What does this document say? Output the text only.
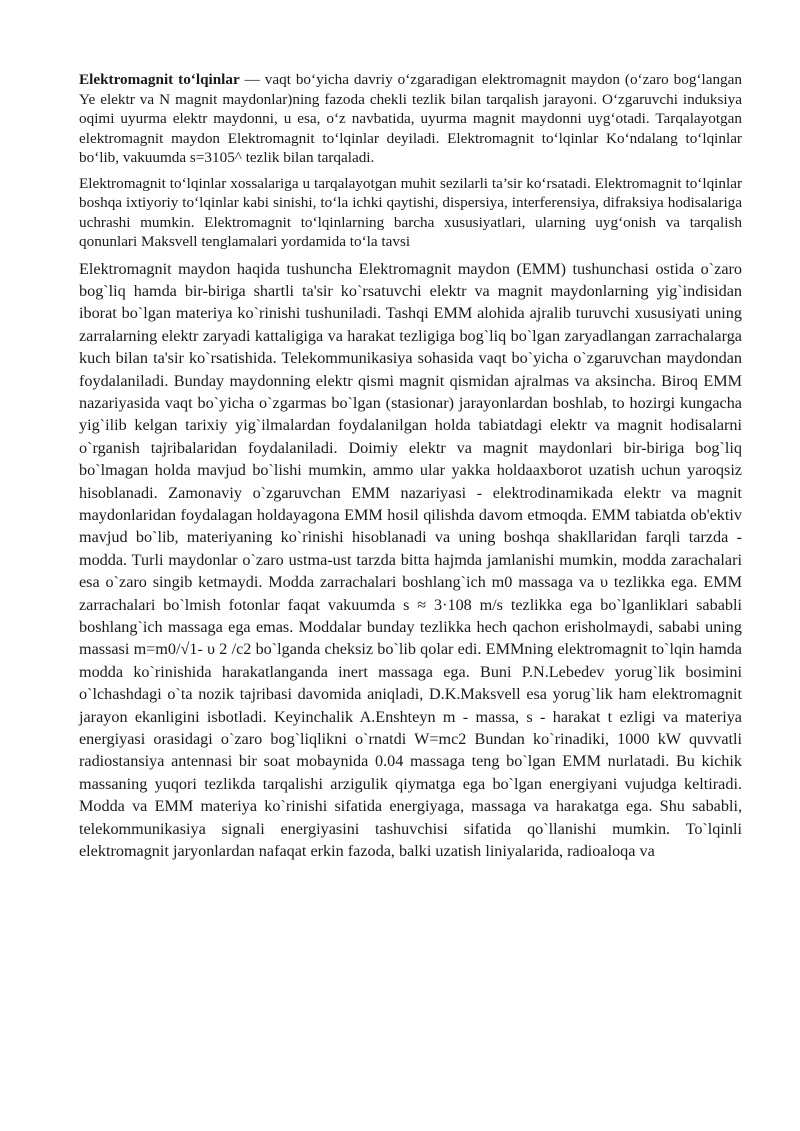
Elektromagnit to‘lqinlar — vaqt bo‘yicha davriy o‘zgaradigan elektromagnit maydon (o‘zaro bog‘langan Ye elektr va N magnit maydonlar)ning fazoda chekli tezlik bilan tarqalish jarayoni. O‘zgaruvchi induksiya oqimi uyurma elektr maydonni, u esa, o‘z navbatida, uyurma magnit maydonni uyg‘otadi. Tarqalayotgan elektromagnit maydon Elektromagnit to‘lqinlar deyiladi. Elektromagnit to‘lqinlar Ko‘ndalang to‘lqinlar bo‘lib, vakuumda s=3105^ tezlik bilan tarqaladi.

Elektromagnit to‘lqinlar xossalariga u tarqalayotgan muhit sezilarli ta’sir ko‘rsatadi. Elektromagnit to‘lqinlar boshqa ixtiyoriy to‘lqinlar kabi sinishi, to‘la ichki qaytishi, dispersiya, interferensiya, difraksiya hodisalariga uchrashi mumkin. Elektromagnit to‘lqinlarning barcha xususiyatlari, ularning uyg‘onish va tarqalish qonunlari Maksvell tenglamalari yordamida to‘la tavsi

Elektromagnit maydon haqida tushuncha Elektromagnit maydon (EMM) tushunchasi ostida o`zaro bog`liq hamda bir-biriga shartli ta'sir ko`rsatuvchi elektr va magnit maydonlarning yig`indisidan iborat bo`lgan materiya ko`rinishi tushuniladi. Tashqi EMM alohida ajralib turuvchi xususiyati uning zarralarning elektr zaryadi kattaligiga va harakat tezligiga bog`liq bo`lgan zaryadlangan zarrachalarga kuch bilan ta'sir ko`rsatishida. Telekommunikasiya sohasida vaqt bo`yicha o`zgaruvchan maydondan foydalaniladi. Bunday maydonning elektr qismi magnit qismidan ajralmas va aksincha. Biroq EMM nazariyasida vaqt bo`yicha o`zgarmas bo`lgan (stasionar) jarayonlardan boshlab, to hozirgi kungacha yig`ilib kelgan tarixiy yig`ilmalardan foydalanilgan holda tabiatdagi elektr va magnit hodisalarni o`rganish tajribalaridan foydalaniladi. Doimiy elektr va magnit maydonlari bir-biriga bog`liq bo`lmagan holda mavjud bo`lishi mumkin, ammo ular yakka holdaaxborot uzatish uchun yaroqsiz hisoblanadi. Zamonaviy o`zgaruvchan EMM nazariyasi - elektrodinamikada elektr va magnit maydonlaridan foydalagan holdayagona EMM hosil qilishda davom etmoqda. EMM tabiatda ob'ektiv mavjud bo`lib, materiyaning ko`rinishi hisoblanadi va uning boshqa shakllaridan farqli tarzda - modda. Turli maydonlar o`zaro ustma-ust tarzda bitta hajmda jamlanishi mumkin, modda zarachalari esa o`zaro singib ketmaydi. Modda zarrachalari boshlang`ich m0 massaga va υ tezlikka ega. EMM zarrachalari bo`lmish fotonlar faqat vakuumda s ≈ 3·108 m/s tezlikka ega bo`lganliklari sababli boshlang`ich massaga ega emas. Moddalar bunday tezlikka hech qachon erisholmaydi, sababi uning massasi m=m0/√1- υ 2 /c2 bo`lganda cheksiz bo`lib qolar edi. EMMning elektromagnit to`lqin hamda modda ko`rinishida harakatlanganda inert massaga ega. Buni P.N.Lebedev yorug`lik bosimini o`lchashdagi o`ta nozik tajribasi davomida aniqladi, D.K.Maksvell esa yorug`lik ham elektromagnit jarayon ekanligini isbotladi. Keyinchalik A.Enshteyn m - massa, s - harakat t ezligi va materiya energiyasi orasidagi o`zaro bog`liqlikni o`rnatdi W=mc2 Bundan ko`rinadiki, 1000 kW quvvatli radiostansiya antennasi bir soat mobaynida 0.04 massaga teng bo`lgan EMM nurlatadi. Bu kichik massaning yuqori tezlikda tarqalishi arzigulik qiymatga ega bo`lgan energiyani vujudga keltiradi. Modda va EMM materiya ko`rinishi sifatida energiyaga, massaga va harakatga ega. Shu sababli, telekommunikasiya signali energiyasini tashuvchisi sifatida qo`llanishi mumkin. To`lqinli elektromagnit jaryonlardan nafaqat erkin fazoda, balki uzatish liniyalarida, radioaloqa va
